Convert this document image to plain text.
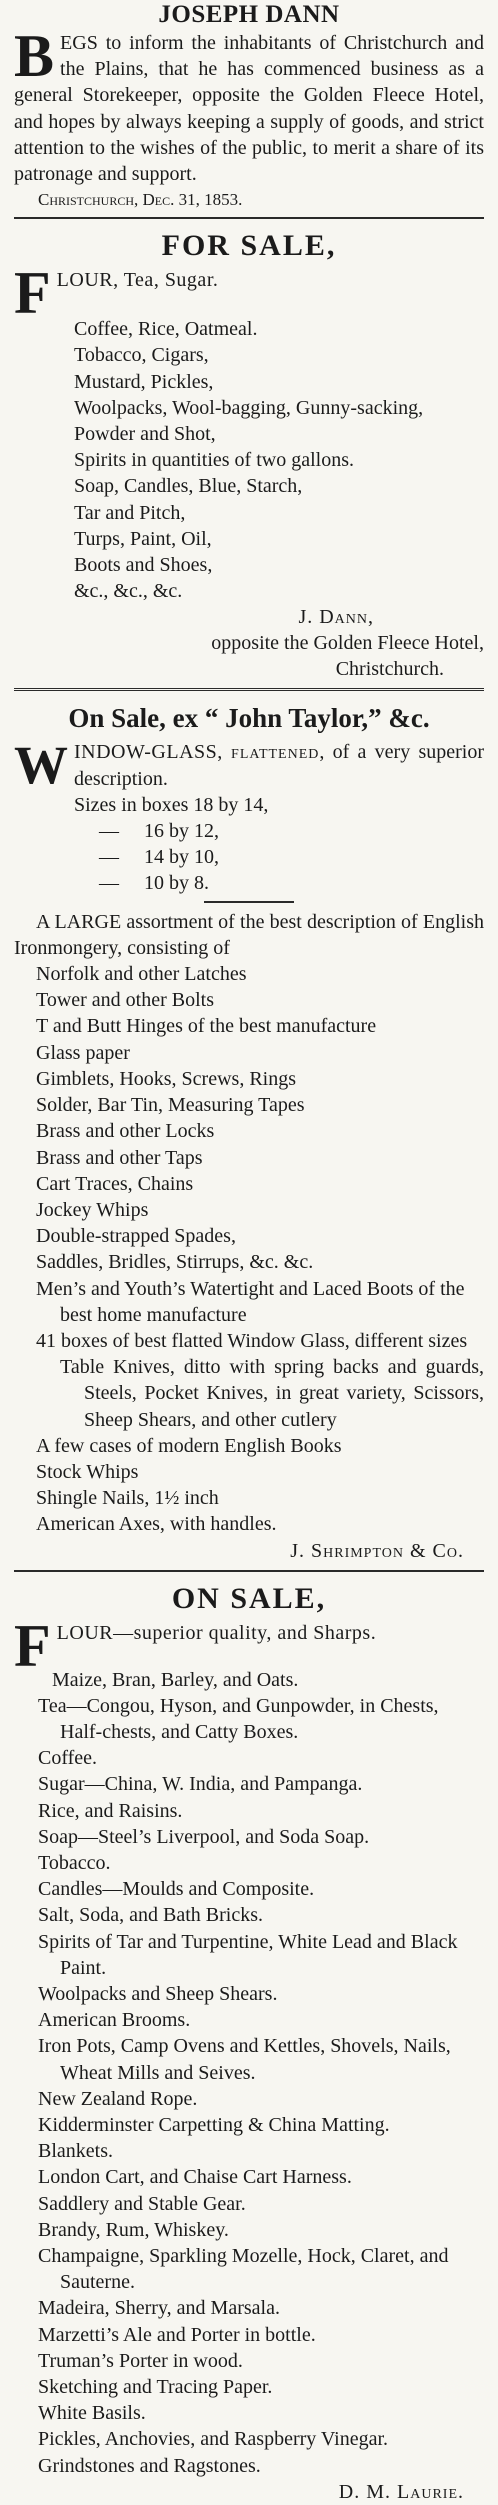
JOSEPH DANN
BEGS to inform the inhabitants of Christchurch and the Plains, that he has commenced business as a general Storekeeper, opposite the Golden Fleece Hotel, and hopes by always keeping a supply of goods, and strict attention to the wishes of the public, to merit a share of its patronage and support.
Christchurch, Dec. 31, 1853.
FOR SALE,
FLOUR, Tea, Sugar.
Coffee, Rice, Oatmeal.
Tobacco, Cigars,
Mustard, Pickles,
Woolpacks, Wool-bagging, Gunny-sacking,
Powder and Shot,
Spirits in quantities of two gallons.
Soap, Candles, Blue, Starch,
Tar and Pitch,
Turps, Paint, Oil,
Boots and Shoes,
&c., &c., &c.
J. Dann,
opposite the Golden Fleece Hotel,
Christchurch.
On Sale, ex “ John Taylor,” &c.
WINDOW-GLASS, flattened, of a very superior description.
Sizes in boxes 18 by 14,
— 16 by 12,
— 14 by 10,
— 10 by 8.
A LARGE assortment of the best description of English Ironmongery, consisting of
Norfolk and other Latches
Tower and other Bolts
T and Butt Hinges of the best manufacture
Glass paper
Gimblets, Hooks, Screws, Rings
Solder, Bar Tin, Measuring Tapes
Brass and other Locks
Brass and other Taps
Cart Traces, Chains
Jockey Whips
Double-strapped Spades,
Saddles, Bridles, Stirrups, &c. &c.
Men’s and Youth’s Watertight and Laced Boots of the best home manufacture
41 boxes of best flatted Window Glass, different sizes
Table Knives, ditto with spring backs and guards, Steels, Pocket Knives, in great variety, Scissors, Sheep Shears, and other cutlery
A few cases of modern English Books
Stock Whips
Shingle Nails, 1½ inch
American Axes, with handles.
J. Shrimpton & Co.
ON SALE,
FLOUR—superior quality, and Sharps.
Maize, Bran, Barley, and Oats.
Tea—Congou, Hyson, and Gunpowder, in Chests, Half-chests, and Catty Boxes.
Coffee.
Sugar—China, W. India, and Pampanga.
Rice, and Raisins.
Soap—Steel’s Liverpool, and Soda Soap.
Tobacco.
Candles—Moulds and Composite.
Salt, Soda, and Bath Bricks.
Spirits of Tar and Turpentine, White Lead and Black Paint.
Woolpacks and Sheep Shears.
American Brooms.
Iron Pots, Camp Ovens and Kettles, Shovels, Nails, Wheat Mills and Seives.
New Zealand Rope.
Kidderminster Carpetting & China Matting.
Blankets.
London Cart, and Chaise Cart Harness.
Saddlery and Stable Gear.
Brandy, Rum, Whiskey.
Champaigne, Sparkling Mozelle, Hock, Claret, and Sauterne.
Madeira, Sherry, and Marsala.
Marzetti’s Ale and Porter in bottle.
Truman’s Porter in wood.
Sketching and Tracing Paper.
White Basils.
Pickles, Anchovies, and Raspberry Vinegar.
Grindstones and Ragstones.
D. M. Laurie.
